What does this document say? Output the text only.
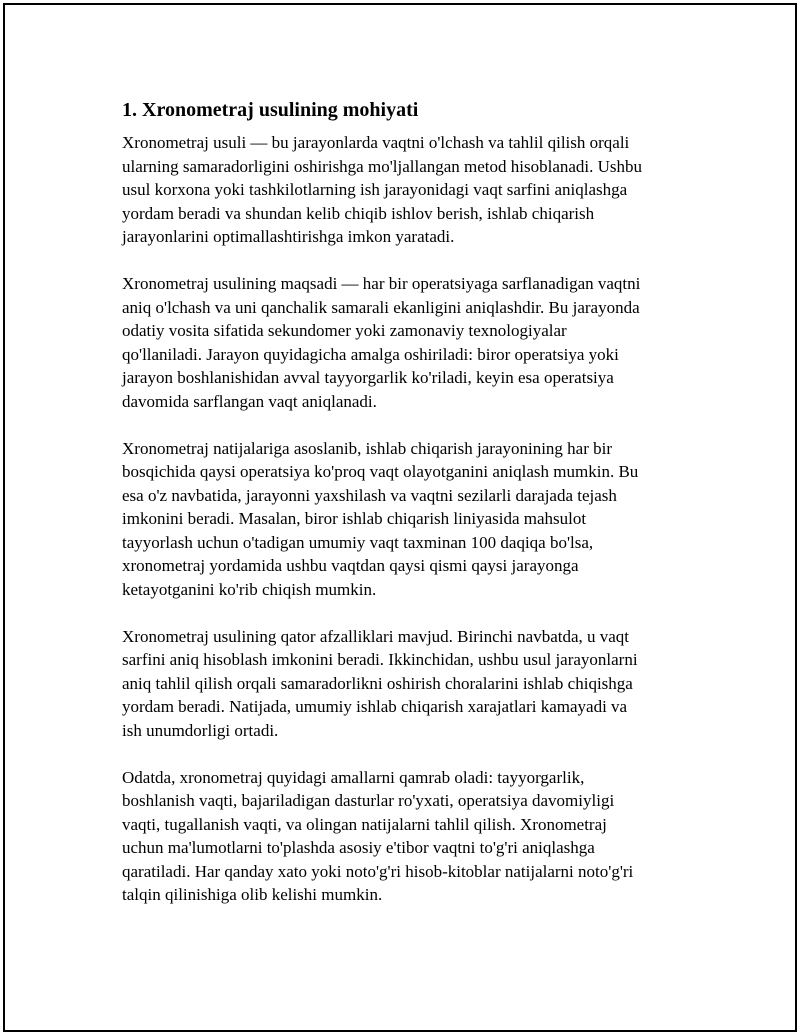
1. Xronometraj usulining mohiyati

Xronometraj usuli — bu jarayonlarda vaqtni o'lchash va tahlil qilish orqali
ularning samaradorligini oshirishga mo'ljallangan metod hisoblanadi. Ushbu
usul korxona yoki tashkilotlarning ish jarayonidagi vaqt sarfini aniqlashga
yordam beradi va shundan kelib chiqib ishlov berish, ishlab chiqarish
jarayonlarini optimallashtirishga imkon yaratadi.

Xronometraj usulining maqsadi — har bir operatsiyaga sarflanadigan vaqtni
aniq o'lchash va uni qanchalik samarali ekanligini aniqlashdir. Bu jarayonda
odatiy vosita sifatida sekundomer yoki zamonaviy texnologiyalar
qo'llaniladi. Jarayon quyidagicha amalga oshiriladi: biror operatsiya yoki
jarayon boshlanishidan avval tayyorgarlik ko'riladi, keyin esa operatsiya
davomida sarflangan vaqt aniqlanadi.

Xronometraj natijalariga asoslanib, ishlab chiqarish jarayonining har bir
bosqichida qaysi operatsiya ko'proq vaqt olayotganini aniqlash mumkin. Bu
esa o'z navbatida, jarayonni yaxshilash va vaqtni sezilarli darajada tejash
imkonini beradi. Masalan, biror ishlab chiqarish liniyasida mahsulot
tayyorlash uchun o'tadigan umumiy vaqt taxminan 100 daqiqa bo'lsa,
xronometraj yordamida ushbu vaqtdan qaysi qismi qaysi jarayonga
ketayotganini ko'rib chiqish mumkin.

Xronometraj usulining qator afzalliklari mavjud. Birinchi navbatda, u vaqt
sarfini aniq hisoblash imkonini beradi. Ikkinchidan, ushbu usul jarayonlarni
aniq tahlil qilish orqali samaradorlikni oshirish choralarini ishlab chiqishga
yordam beradi. Natijada, umumiy ishlab chiqarish xarajatlari kamayadi va
ish unumdorligi ortadi.

Odatda, xronometraj quyidagi amallarni qamrab oladi: tayyorgarlik,
boshlanish vaqti, bajariladigan dasturlar ro'yxati, operatsiya davomiyligi
vaqti, tugallanish vaqti, va olingan natijalarni tahlil qilish. Xronometraj
uchun ma'lumotlarni to'plashda asosiy e'tibor vaqtni to'g'ri aniqlashga
qaratiladi. Har qanday xato yoki noto'g'ri hisob-kitoblar natijalarni noto'g'ri
talqin qilinishiga olib kelishi mumkin.
